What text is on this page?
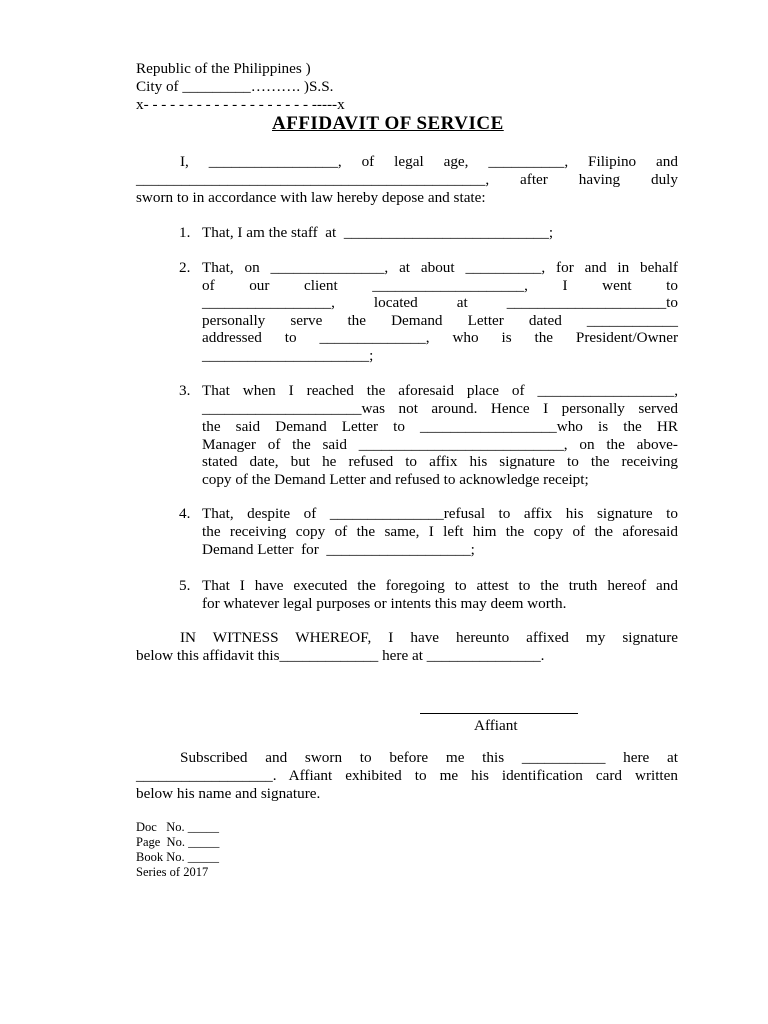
Republic of the Philippines )
City of _________………. )S.S.
x- - - - - - - - - - - - - - - - - - - -----x
AFFIDAVIT OF SERVICE
I, _________________, of legal age, __________, Filipino and
______________________________________________, after having duly
sworn to in accordance with law hereby depose and state:
1. That, I am the staff  at  ___________________________;
2. That, on _______________, at about __________, for and in behalf
of our client ____________________, I went to
_________________, located at _____________________to
personally serve the Demand Letter dated ____________
addressed to ______________, who is the President/Owner
______________________;
3. That when I reached the aforesaid place of __________________,
_____________________was not around. Hence I personally served
the said Demand Letter to __________________who is the HR
Manager of the said ___________________________, on the above-
stated date, but he refused to affix his signature to the receiving
copy of the Demand Letter and refused to acknowledge receipt;
4. That, despite of _______________refusal to affix his signature to
the receiving copy of the same, I left him the copy of the aforesaid
Demand Letter  for  ___________________;
5. That I have executed the foregoing to attest to the truth hereof and
for whatever legal purposes or intents this may deem worth.
IN WITNESS WHEREOF, I have hereunto affixed my signature
below this affidavit this_____________ here at _______________.
Affiant
Subscribed and sworn to before me this ___________ here at
__________________. Affiant exhibited to me his identification card written
below his name and signature.
Doc   No. _____
Page  No. _____
Book No. _____
Series of 2017
